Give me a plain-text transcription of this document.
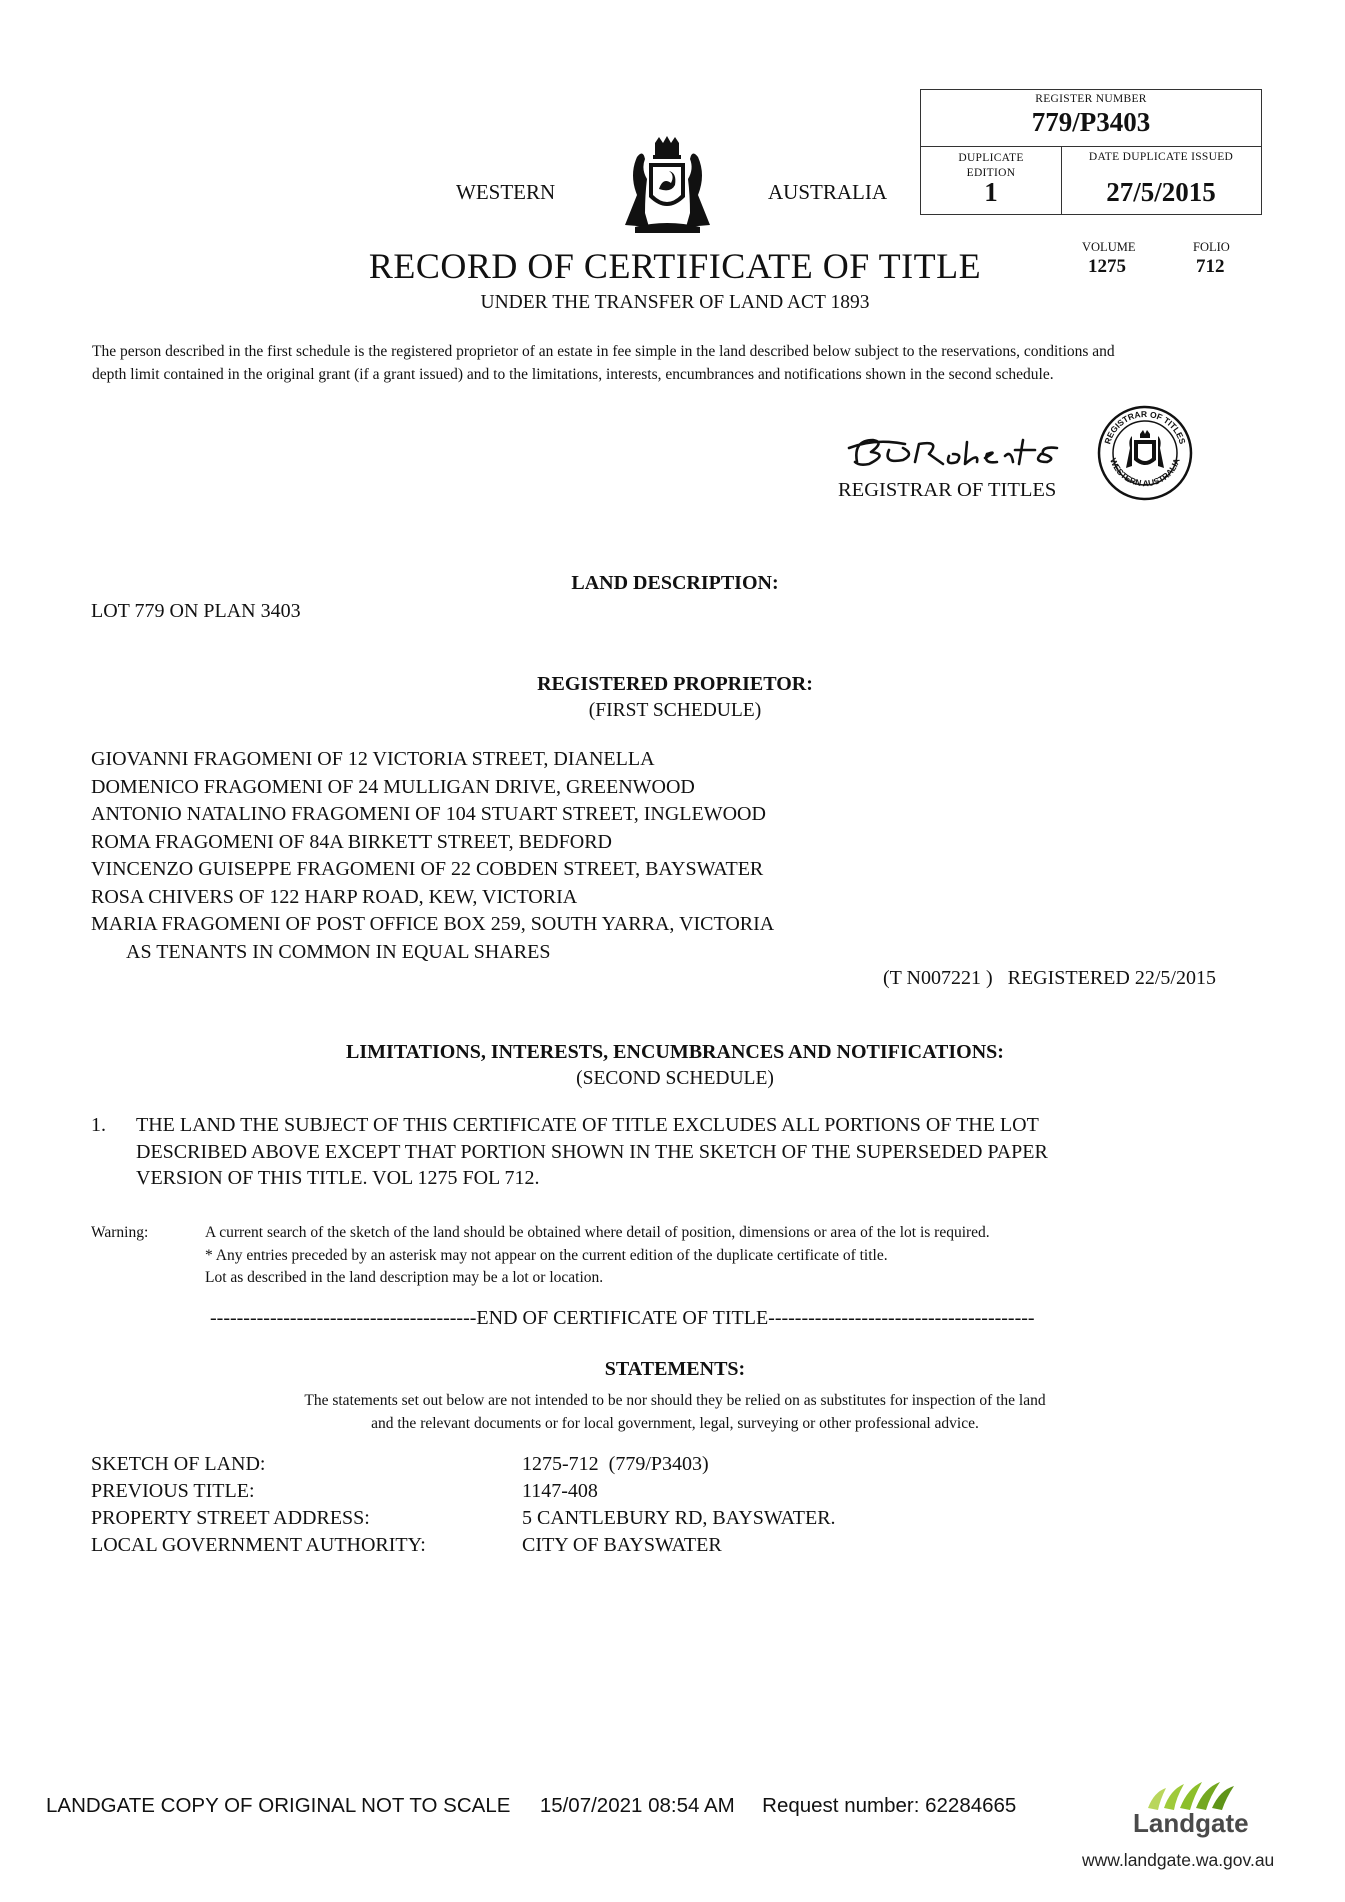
REGISTER NUMBER
779/P3403
DUPLICATE
EDITION
1
DATE DUPLICATE ISSUED
27/5/2015
WESTERN	AUSTRALIA
RECORD OF CERTIFICATE OF TITLE
UNDER THE TRANSFER OF LAND ACT 1893
VOLUME
1275
FOLIO
712
The person described in the first schedule is the registered proprietor of an estate in fee simple in the land described below subject to the reservations, conditions and depth limit contained in the original grant (if a grant issued) and to the limitations, interests, encumbrances and notifications shown in the second schedule.
REGISTRAR OF TITLES
REGISTRAR OF TITLES
WESTERN AUSTRALIA
LAND DESCRIPTION:
LOT 779 ON PLAN 3403
REGISTERED PROPRIETOR:
(FIRST SCHEDULE)
GIOVANNI FRAGOMENI OF 12 VICTORIA STREET, DIANELLA
DOMENICO FRAGOMENI OF 24 MULLIGAN DRIVE, GREENWOOD
ANTONIO NATALINO FRAGOMENI OF 104 STUART STREET, INGLEWOOD
ROMA FRAGOMENI OF 84A BIRKETT STREET, BEDFORD
VINCENZO GUISEPPE FRAGOMENI OF 22 COBDEN STREET, BAYSWATER
ROSA CHIVERS OF 122 HARP ROAD, KEW, VICTORIA
MARIA FRAGOMENI OF POST OFFICE BOX 259, SOUTH YARRA, VICTORIA
AS TENANTS IN COMMON IN EQUAL SHARES
(T N007221 )   REGISTERED 22/5/2015
LIMITATIONS, INTERESTS, ENCUMBRANCES AND NOTIFICATIONS:
(SECOND SCHEDULE)
1. THE LAND THE SUBJECT OF THIS CERTIFICATE OF TITLE EXCLUDES ALL PORTIONS OF THE LOT
DESCRIBED ABOVE EXCEPT THAT PORTION SHOWN IN THE SKETCH OF THE SUPERSEDED PAPER
VERSION OF THIS TITLE. VOL 1275 FOL 712.
Warning:	A current search of the sketch of the land should be obtained where detail of position, dimensions or area of the lot is required.
* Any entries preceded by an asterisk may not appear on the current edition of the duplicate certificate of title.
Lot as described in the land description may be a lot or location.
----------------------------------------END OF CERTIFICATE OF TITLE----------------------------------------
STATEMENTS:
The statements set out below are not intended to be nor should they be relied on as substitutes for inspection of the land
and the relevant documents or for local government, legal, surveying or other professional advice.
SKETCH OF LAND:	1275-712  (779/P3403)
PREVIOUS TITLE:	1147-408
PROPERTY STREET ADDRESS:	5 CANTLEBURY RD, BAYSWATER.
LOCAL GOVERNMENT AUTHORITY:	CITY OF BAYSWATER
LANDGATE COPY OF ORIGINAL NOT TO SCALE 15/07/2021 08:54 AM Request number: 62284665
Landgate
www.landgate.wa.gov.au
